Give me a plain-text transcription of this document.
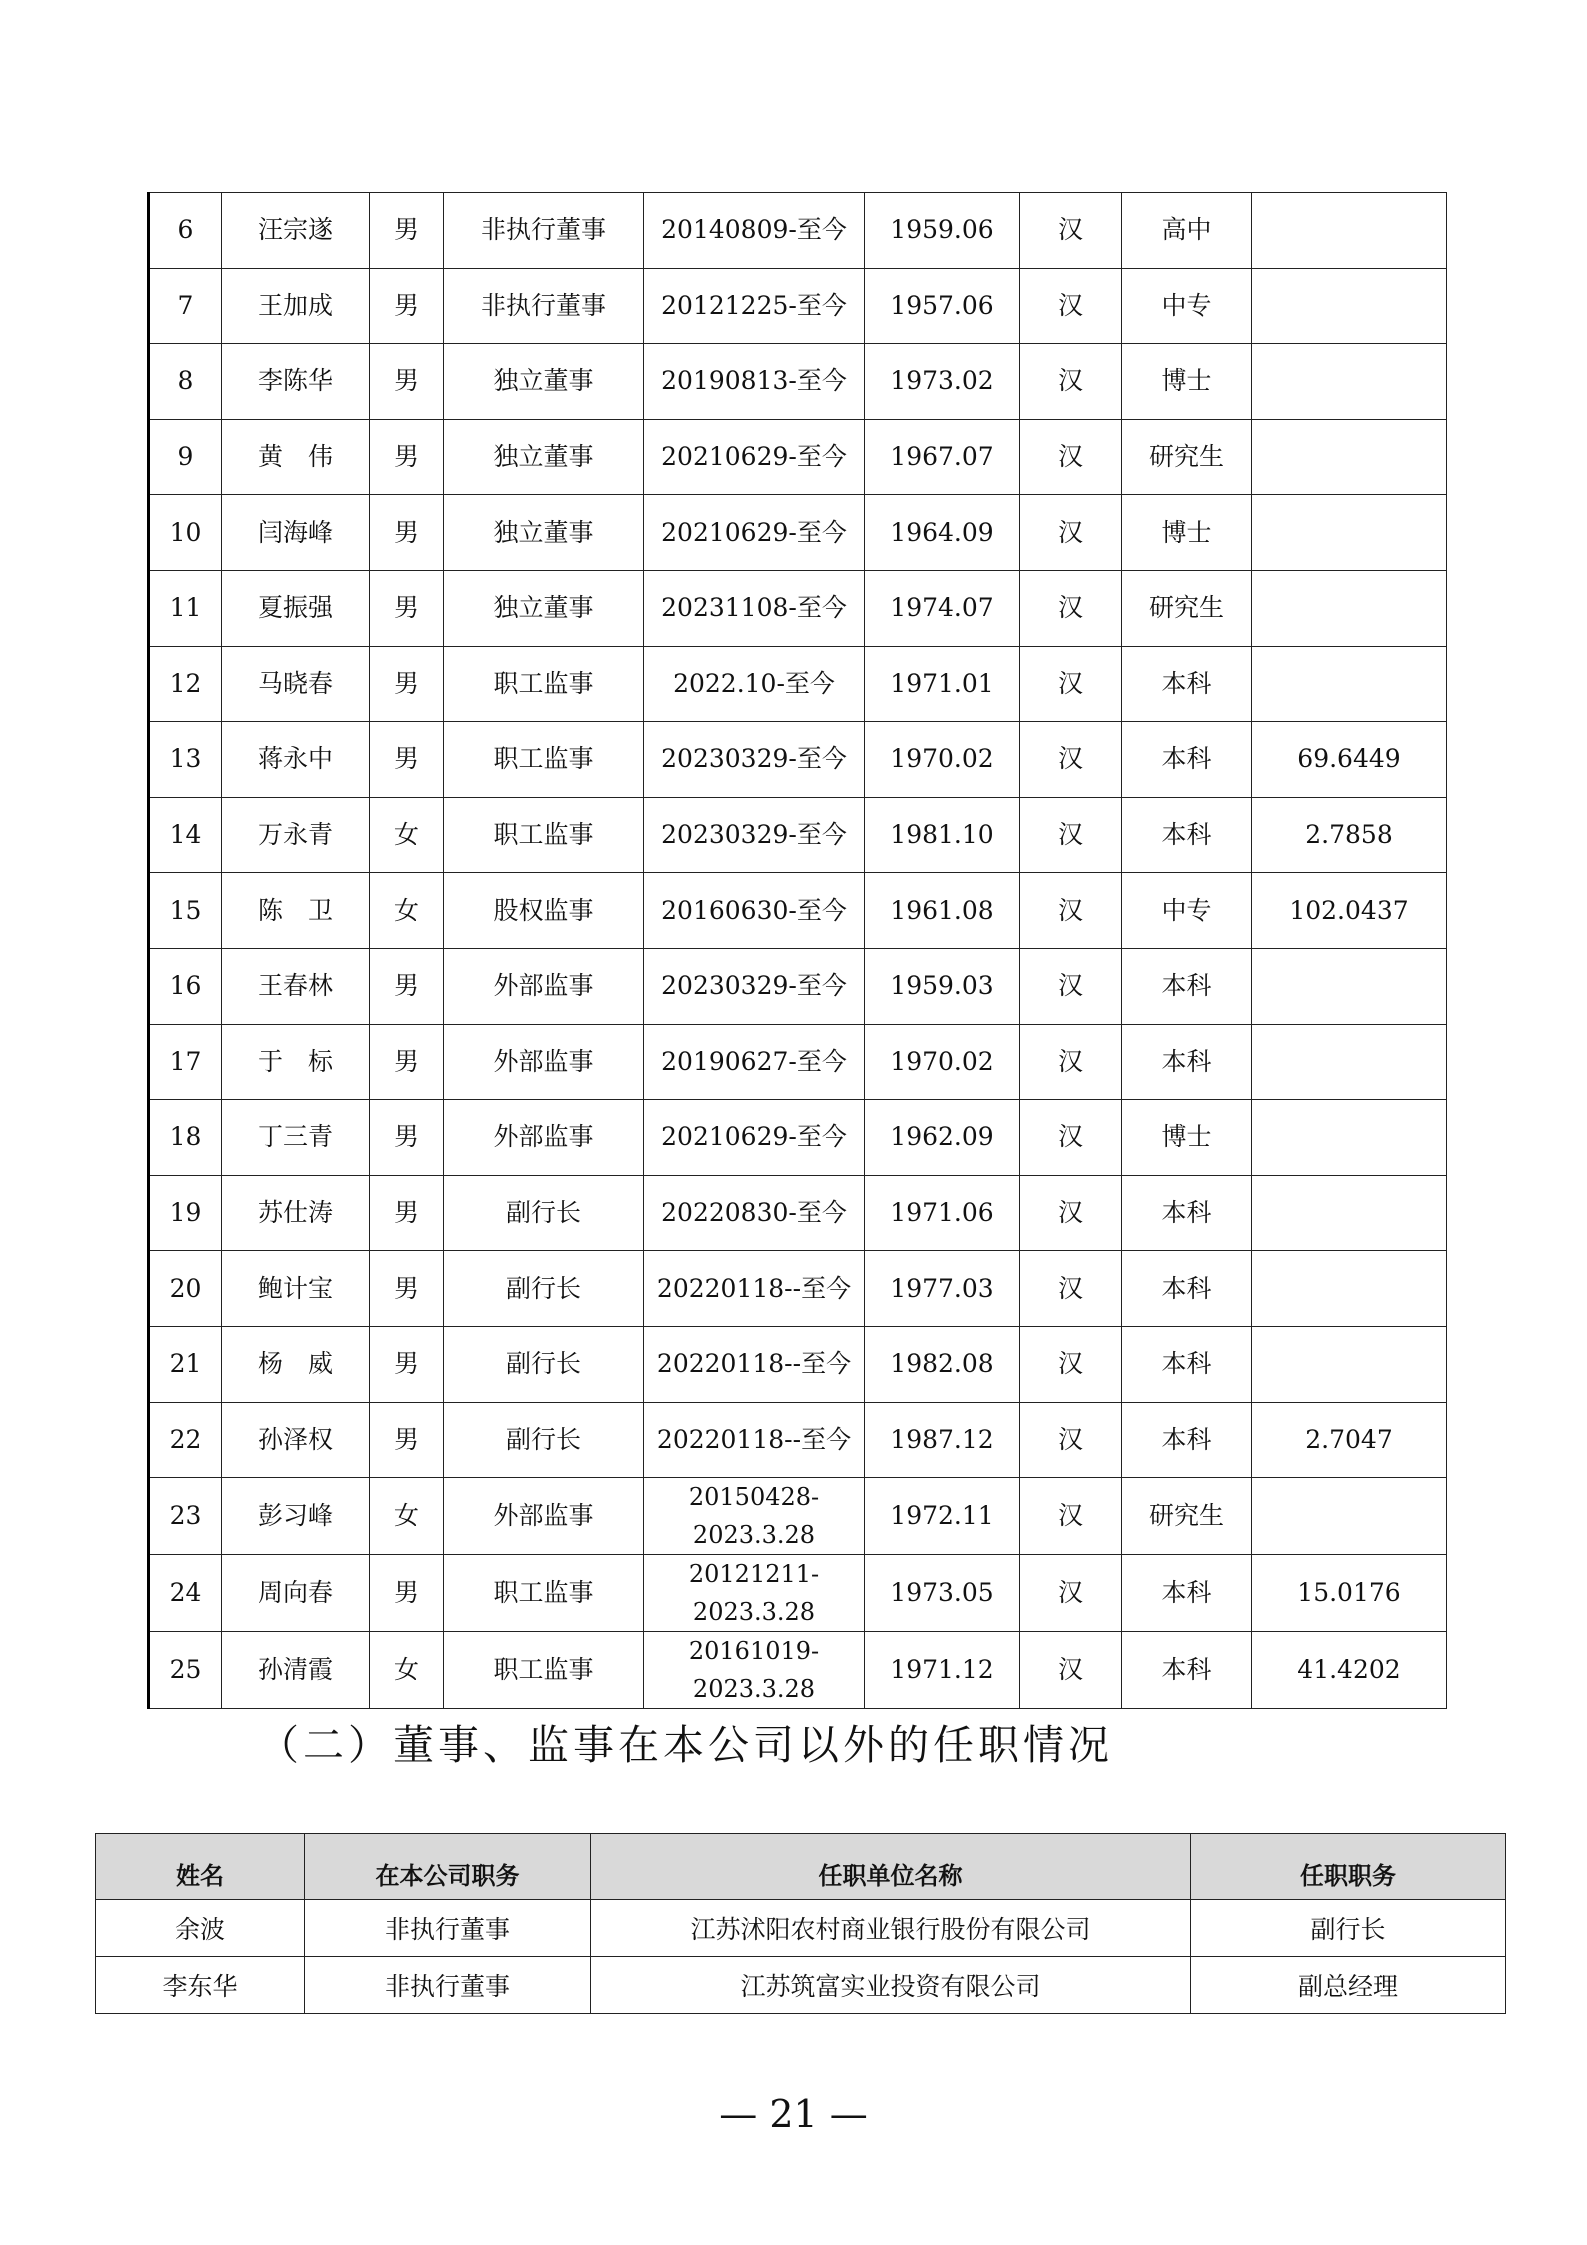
6	汪宗遂	男	非执行董事	20140809-至今	1959.06	汉	高中	
7	王加成	男	非执行董事	20121225-至今	1957.06	汉	中专	
8	李陈华	男	独立董事	20190813-至今	1973.02	汉	博士	
9	黄　伟	男	独立董事	20210629-至今	1967.07	汉	研究生	
10	闫海峰	男	独立董事	20210629-至今	1964.09	汉	博士	
11	夏振强	男	独立董事	20231108-至今	1974.07	汉	研究生	
12	马晓春	男	职工监事	2022.10-至今	1971.01	汉	本科	
13	蒋永中	男	职工监事	20230329-至今	1970.02	汉	本科	69.6449
14	万永青	女	职工监事	20230329-至今	1981.10	汉	本科	2.7858
15	陈　卫	女	股权监事	20160630-至今	1961.08	汉	中专	102.0437
16	王春林	男	外部监事	20230329-至今	1959.03	汉	本科	
17	于　标	男	外部监事	20190627-至今	1970.02	汉	本科	
18	丁三青	男	外部监事	20210629-至今	1962.09	汉	博士	
19	苏仕涛	男	副行长	20220830-至今	1971.06	汉	本科	
20	鲍计宝	男	副行长	20220118--至今	1977.03	汉	本科	
21	杨　威	男	副行长	20220118--至今	1982.08	汉	本科	
22	孙泽权	男	副行长	20220118--至今	1987.12	汉	本科	2.7047
23	彭习峰	女	外部监事	20150428-2023.3.28	1972.11	汉	研究生	
24	周向春	男	职工监事	20121211-2023.3.28	1973.05	汉	本科	15.0176
25	孙清霞	女	职工监事	20161019-2023.3.28	1971.12	汉	本科	41.4202
（二）董事、监事在本公司以外的任职情况
姓名	在本公司职务	任职单位名称	任职职务
余波	非执行董事	江苏沭阳农村商业银行股份有限公司	副行长
李东华	非执行董事	江苏筑富实业投资有限公司	副总经理
— 21 —
